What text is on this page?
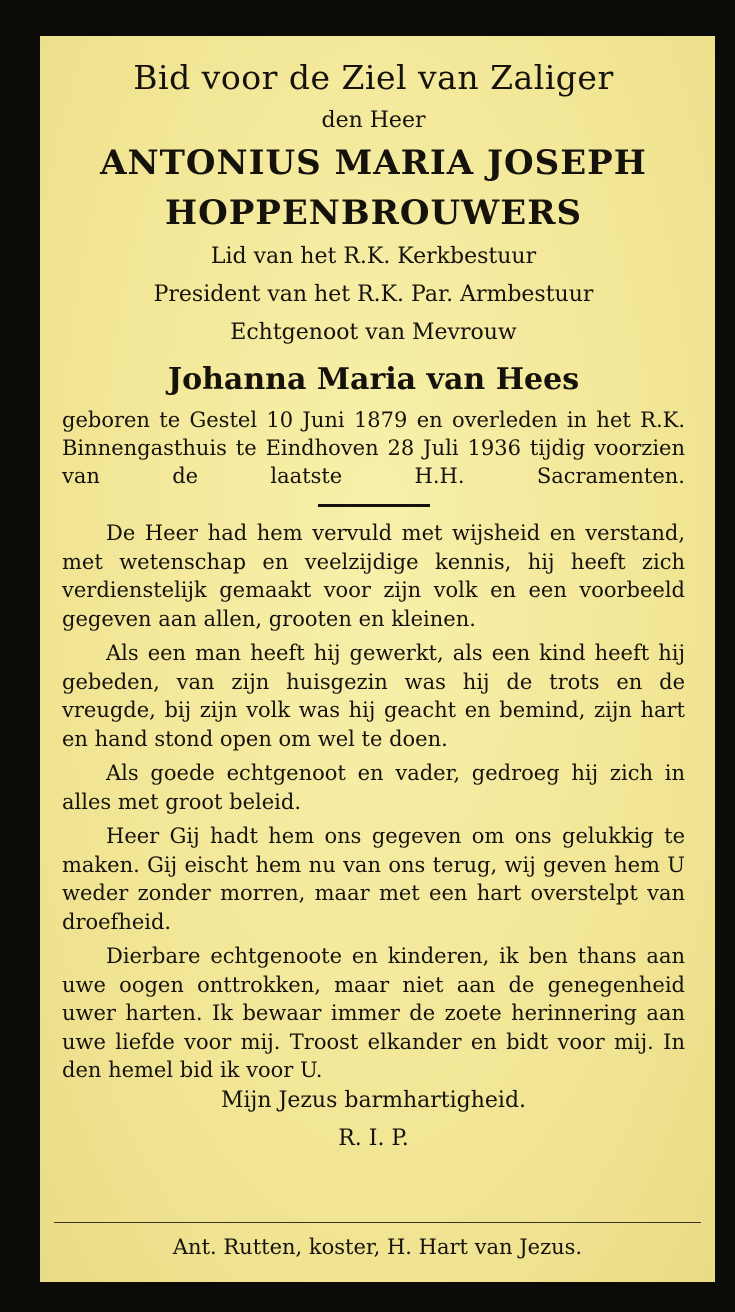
Bid voor de Ziel van Zaliger
den Heer
ANTONIUS MARIA JOSEPH
HOPPENBROUWERS
Lid van het R.K. Kerkbestuur
President van het R.K. Par. Armbestuur
Echtgenoot van Mevrouw
Johanna Maria van Hees
geboren te Gestel 10 Juni 1879 en overleden in het R.K. Binnengasthuis te Eindhoven 28 Juli 1936 tijdig voorzien van de laatste H.H. Sacramenten.

De Heer had hem vervuld met wijsheid en verstand, met wetenschap en veelzijdige kennis, hij heeft zich verdienstelijk gemaakt voor zijn volk en een voorbeeld gegeven aan allen, grooten en kleinen.

Als een man heeft hij gewerkt, als een kind heeft hij gebeden, van zijn huisgezin was hij de trots en de vreugde, bij zijn volk was hij geacht en bemind, zijn hart en hand stond open om wel te doen.

Als goede echtgenoot en vader, gedroeg hij zich in alles met groot beleid.

Heer Gij hadt hem ons gegeven om ons gelukkig te maken. Gij eischt hem nu van ons terug, wij geven hem U weder zonder morren, maar met een hart overstelpt van droefheid.

Dierbare echtgenoote en kinderen, ik ben thans aan uwe oogen onttrokken, maar niet aan de genegenheid uwer harten. Ik bewaar immer de zoete herinnering aan uwe liefde voor mij. Troost elkander en bidt voor mij. In den hemel bid ik voor U.

Mijn Jezus barmhartigheid.
R. I. P.
Ant. Rutten, koster, H. Hart van Jezus.
